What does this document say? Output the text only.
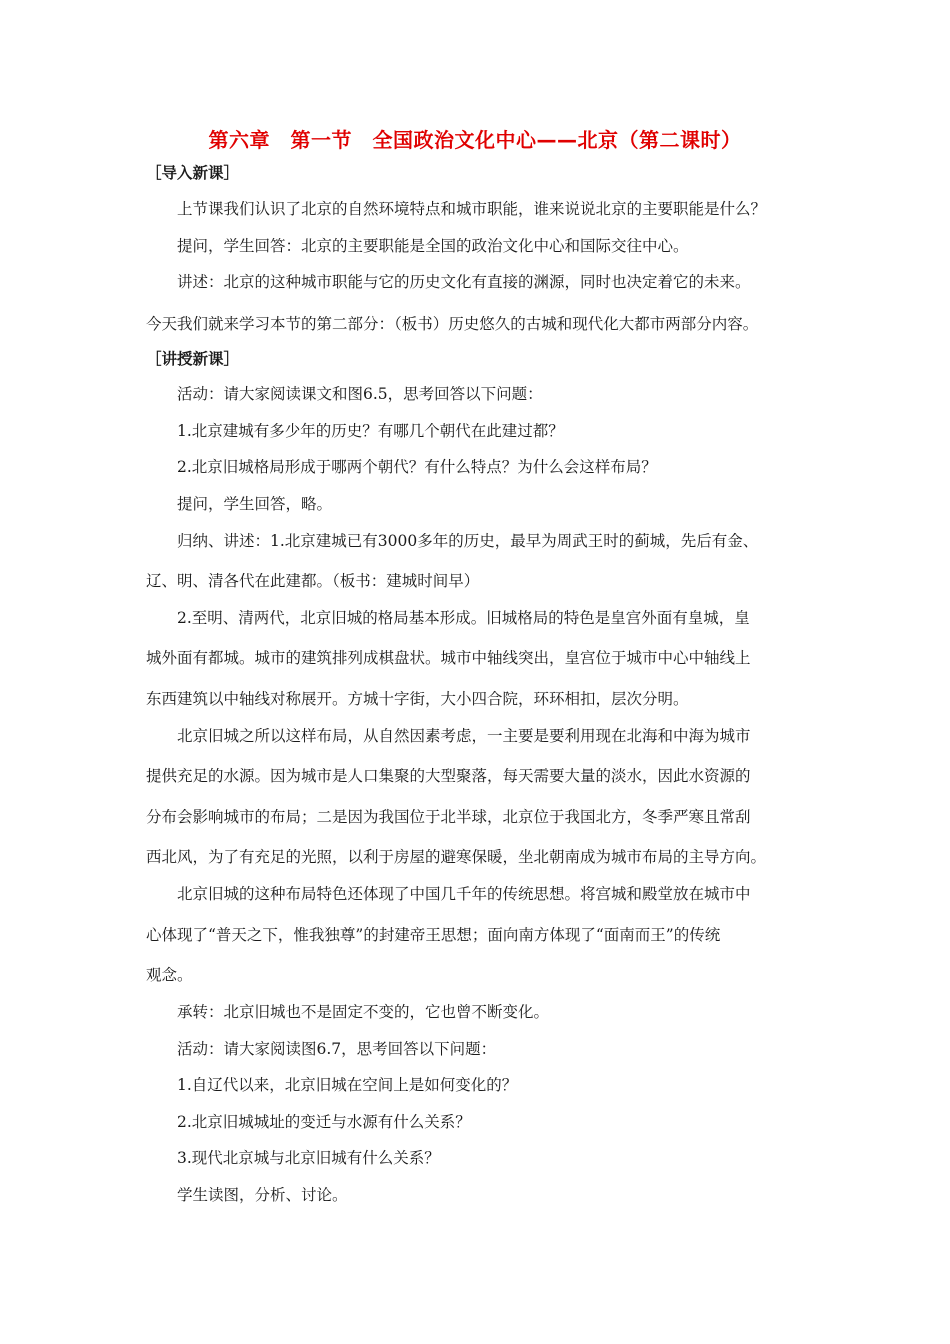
第六章　第一节　全国政治文化中心——北京（第二课时）
［导入新课］
上节课我们认识了北京的自然环境特点和城市职能，谁来说说北京的主要职能是什么？
提问，学生回答：北京的主要职能是全国的政治文化中心和国际交往中心。
讲述：北京的这种城市职能与它的历史文化有直接的渊源，同时也决定着它的未来。
今天我们就来学习本节的第二部分：（板书）历史悠久的古城和现代化大都市两部分内容。
［讲授新课］
活动：请大家阅读课文和图6.5，思考回答以下问题：
1.北京建城有多少年的历史？有哪几个朝代在此建过都？
2.北京旧城格局形成于哪两个朝代？有什么特点？为什么会这样布局？
提问，学生回答，略。
归纳、讲述：1.北京建城已有3000多年的历史，最早为周武王时的蓟城，先后有金、
辽、明、清各代在此建都。（板书：建城时间早）
2.至明、清两代，北京旧城的格局基本形成。旧城格局的特色是皇宫外面有皇城，皇
城外面有都城。城市的建筑排列成棋盘状。城市中轴线突出，皇宫位于城市中心中轴线上
东西建筑以中轴线对称展开。方城十字街，大小四合院，环环相扣，层次分明。
北京旧城之所以这样布局，从自然因素考虑，一主要是要利用现在北海和中海为城市
提供充足的水源。因为城市是人口集聚的大型聚落，每天需要大量的淡水，因此水资源的
分布会影响城市的布局；二是因为我国位于北半球，北京位于我国北方，冬季严寒且常刮
西北风，为了有充足的光照，以利于房屋的避寒保暖，坐北朝南成为城市布局的主导方向。
北京旧城的这种布局特色还体现了中国几千年的传统思想。将宫城和殿堂放在城市中
心体现了“普天之下，惟我独尊”的封建帝王思想；面向南方体现了“面南而王”的传统
观念。
承转：北京旧城也不是固定不变的，它也曾不断变化。
活动：请大家阅读图6.7，思考回答以下问题：
1.自辽代以来，北京旧城在空间上是如何变化的？
2.北京旧城城址的变迁与水源有什么关系？
3.现代北京城与北京旧城有什么关系？
学生读图，分析、讨论。
